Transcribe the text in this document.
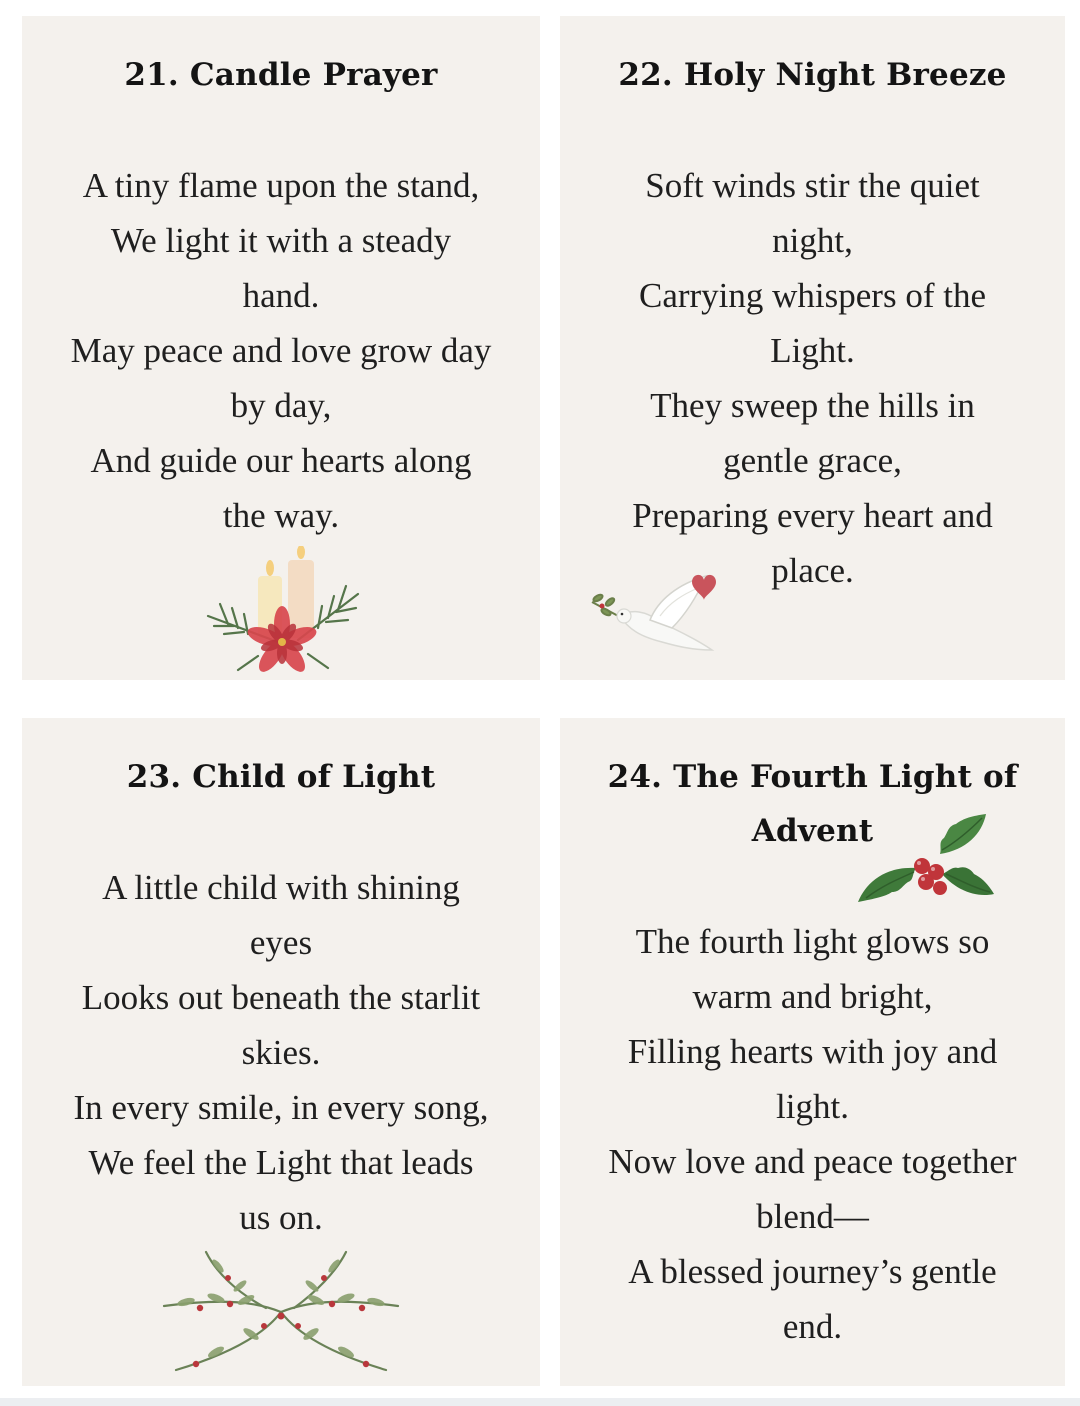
21. Candle Prayer
A tiny flame upon the stand,
We light it with a steady
hand.
May peace and love grow day
by day,
And guide our hearts along
the way.
22. Holy Night Breeze
Soft winds stir the quiet
night,
Carrying whispers of the
Light.
They sweep the hills in
gentle grace,
Preparing every heart and
place.
23. Child of Light
A little child with shining
eyes
Looks out beneath the starlit
skies.
In every smile, in every song,
We feel the Light that leads
us on.
24. The Fourth Light of
Advent
The fourth light glows so
warm and bright,
Filling hearts with joy and
light.
Now love and peace together
blend—
A blessed journey’s gentle
end.
